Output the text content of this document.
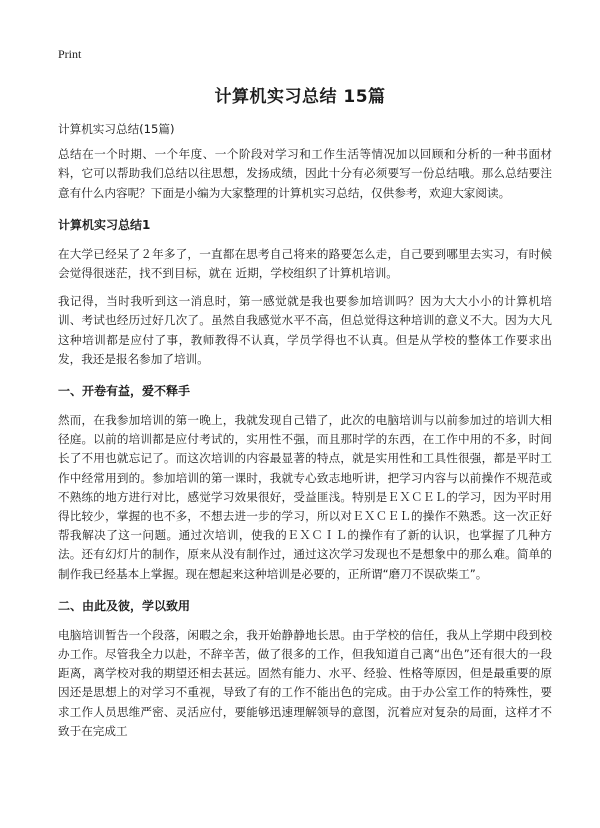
Print
计算机实习总结 15篇
计算机实习总结(15篇)

总结在一个时期、一个年度、一个阶段对学习和工作生活等情况加以回顾和分析的一种书面材料，它可以帮助我们总结以往思想，发扬成绩，因此十分有必须要写一份总结哦。那么总结要注意有什么内容呢？下面是小编为大家整理的计算机实习总结，仅供参考，欢迎大家阅读。

计算机实习总结1

在大学已经呆了２年多了，一直都在思考自己将来的路要怎么走，自己要到哪里去实习，有时候会觉得很迷茫，找不到目标，就在 近期，学校组织了计算机培训。

我记得，当时我听到这一消息时，第一感觉就是我也要参加培训吗？因为大大小小的计算机培训、考试也经历过好几次了。虽然自我感觉水平不高，但总觉得这种培训的意义不大。因为大凡这种培训都是应付了事，教师教得不认真，学员学得也不认真。但是从学校的整体工作要求出发，我还是报名参加了培训。

一、开卷有益，爱不释手

然而，在我参加培训的第一晚上，我就发现自己错了，此次的电脑培训与以前参加过的培训大相径庭。以前的培训都是应付考试的，实用性不强，而且那时学的东西，在工作中用的不多，时间长了不用也就忘记了。而这次培训的内容最显著的特点，就是实用性和工具性很强，都是平时工作中经常用到的。参加培训的第一课时，我就专心致志地听讲，把学习内容与以前操作不规范或不熟练的地方进行对比，感觉学习效果很好，受益匪浅。特别是ＥＸＣＥＬ的学习，因为平时用得比较少，掌握的也不多，不想去进一步的学习，所以对ＥＸＣＥＬ的操作不熟悉。这一次正好帮我解决了这一问题。通过次培训，使我的ＥＸＣＩＬ的操作有了新的认识，也掌握了几种方法。还有幻灯片的制作，原来从没有制作过，通过这次学习发现也不是想象中的那么难。简单的制作我已经基本上掌握。现在想起来这种培训是必要的，正所谓“磨刀不误砍柴工”。

二、由此及彼，学以致用

电脑培训暂告一个段落，闲暇之余，我开始静静地长思。由于学校的信任，我从上学期中段到校办工作。尽管我全力以赴，不辞辛苦，做了很多的工作，但我知道自己离“出色”还有很大的一段距离，离学校对我的期望还相去甚远。固然有能力、水平、经验、性格等原因，但是最重要的原因还是思想上的对学习不重视，导致了有的工作不能出色的完成。由于办公室工作的特殊性，要求工作人员思维严密、灵活应付，要能够迅速理解领导的意图，沉着应对复杂的局面，这样才不致于在完成工
